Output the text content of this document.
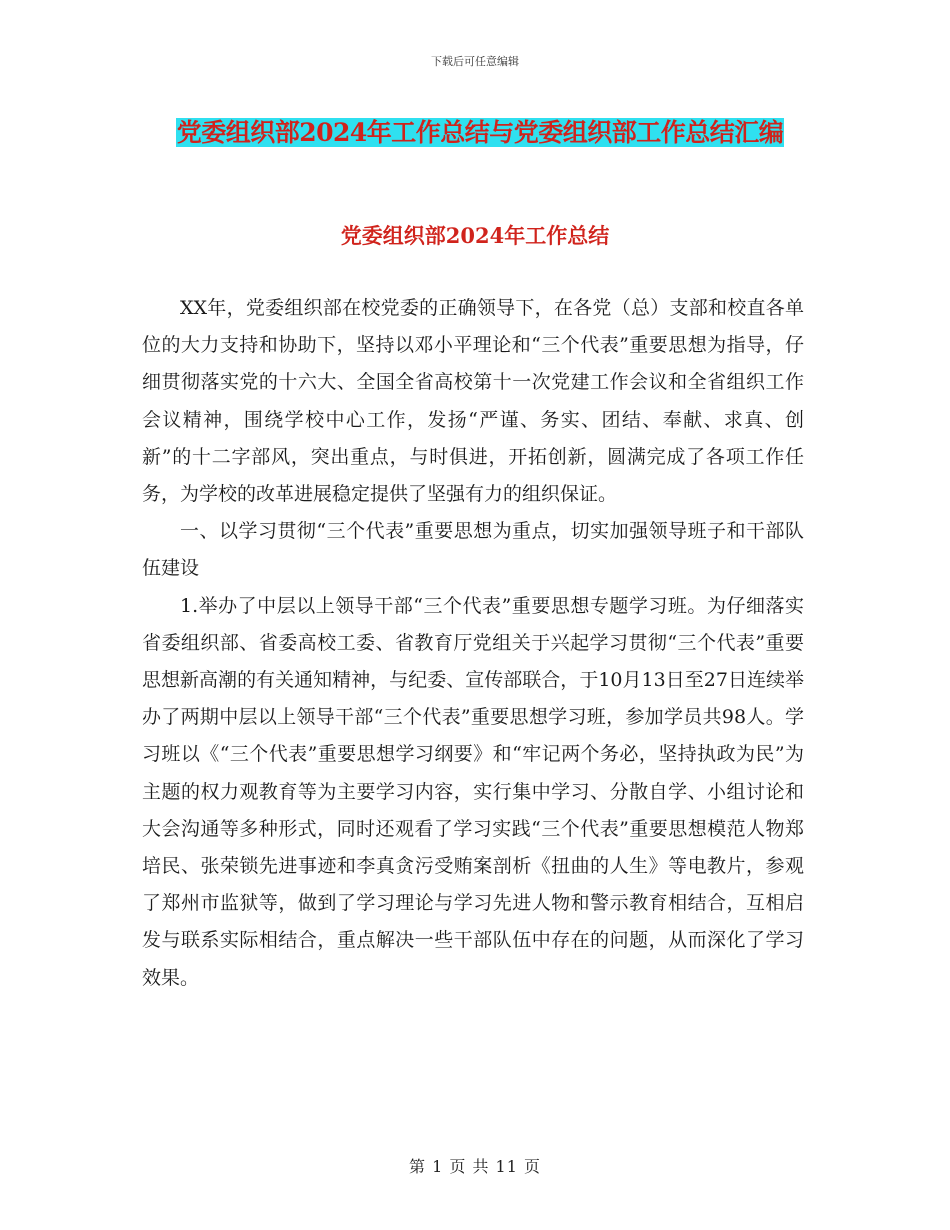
下载后可任意编辑
党委组织部2024年工作总结与党委组织部工作总结汇编
党委组织部2024年工作总结

XX年，党委组织部在校党委的正确领导下，在各党（总）支部和校直各单位的大力支持和协助下，坚持以邓小平理论和“三个代表”重要思想为指导，仔细贯彻落实党的十六大、全国全省高校第十一次党建工作会议和全省组织工作会议精神，围绕学校中心工作，发扬“严谨、务实、团结、奉献、求真、创新”的十二字部风，突出重点，与时俱进，开拓创新，圆满完成了各项工作任务，为学校的改革进展稳定提供了坚强有力的组织保证。

一、以学习贯彻“三个代表”重要思想为重点，切实加强领导班子和干部队伍建设

1.举办了中层以上领导干部“三个代表”重要思想专题学习班。为仔细落实省委组织部、省委高校工委、省教育厅党组关于兴起学习贯彻“三个代表”重要思想新高潮的有关通知精神，与纪委、宣传部联合，于10月13日至27日连续举办了两期中层以上领导干部“三个代表”重要思想学习班，参加学员共98人。学习班以《“三个代表”重要思想学习纲要》和“牢记两个务必，坚持执政为民”为主题的权力观教育等为主要学习内容，实行集中学习、分散自学、小组讨论和大会沟通等多种形式，同时还观看了学习实践“三个代表”重要思想模范人物郑培民、张荣锁先进事迹和李真贪污受贿案剖析《扭曲的人生》等电教片，参观了郑州市监狱等，做到了学习理论与学习先进人物和警示教育相结合，互相启发与联系实际相结合，重点解决一些干部队伍中存在的问题，从而深化了学习效果。

第 1 页 共 11 页
